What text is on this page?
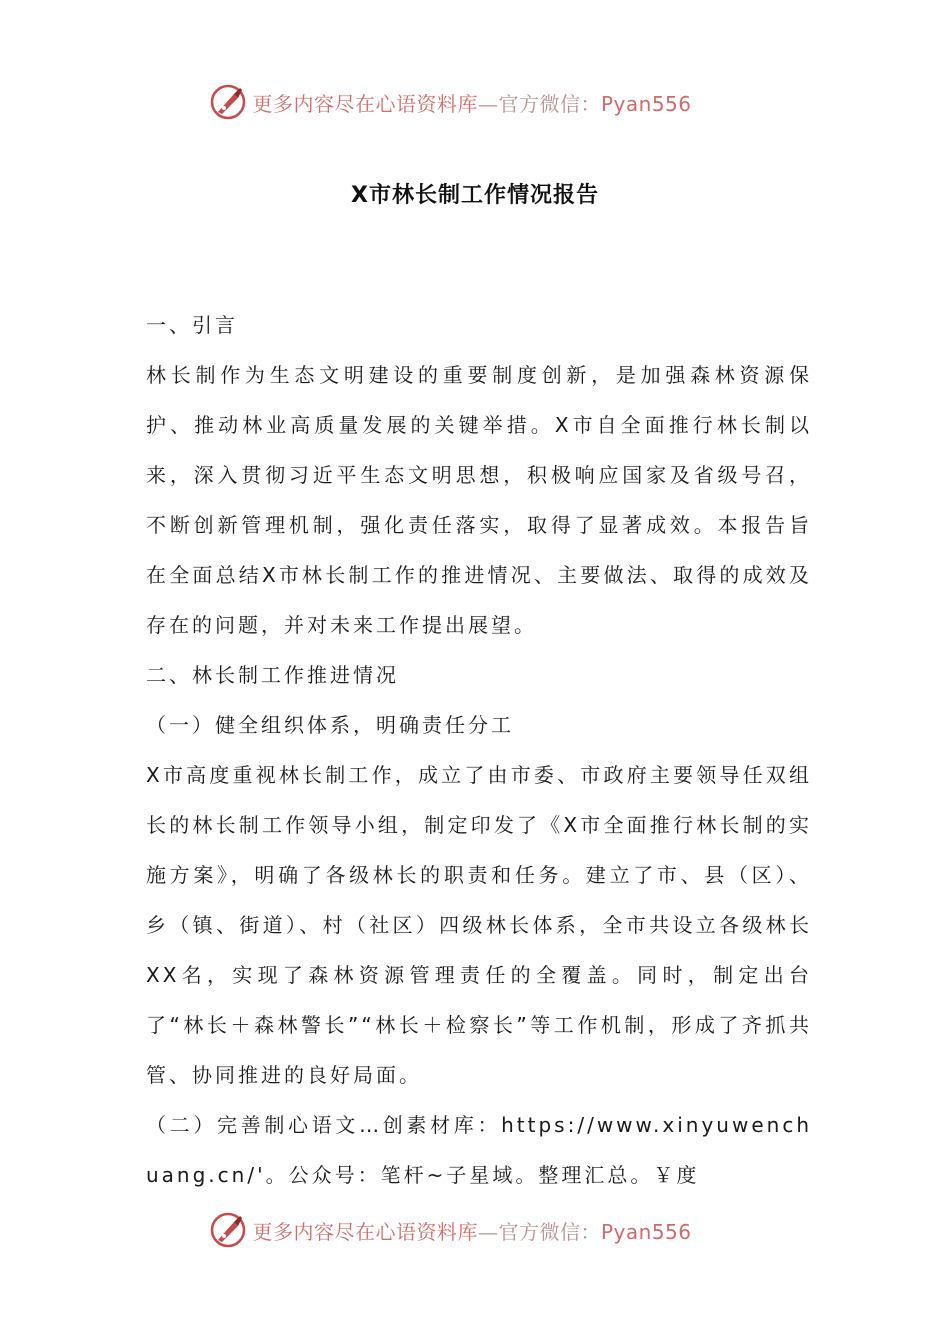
更多内容尽在心语资料库—官方微信：Pyan556
X市林长制工作情况报告

一、引言

林长制作为生态文明建设的重要制度创新，是加强森林资源保护、推动林业高质量发展的关键举措。X市自全面推行林长制以来，深入贯彻习近平生态文明思想，积极响应国家及省级号召，不断创新管理机制，强化责任落实，取得了显著成效。本报告旨在全面总结X市林长制工作的推进情况、主要做法、取得的成效及存在的问题，并对未来工作提出展望。

二、林长制工作推进情况

（一）健全组织体系，明确责任分工

X市高度重视林长制工作，成立了由市委、市政府主要领导任双组长的林长制工作领导小组，制定印发了《X市全面推行林长制的实施方案》，明确了各级林长的职责和任务。建立了市、县（区）、乡（镇、街道）、村（社区）四级林长体系，全市共设立各级林长XX名，实现了森林资源管理责任的全覆盖。同时，制定出台了“林长＋森林警长”“林长＋检察长”等工作机制，形成了齐抓共管、协同推进的良好局面。

（二）完善制心语文…创素材库：https://www.xinyuwenchuang.cn/'。公众号：笔杆~子星域。整理汇总。￥度

更多内容尽在心语资料库—官方微信：Pyan556
